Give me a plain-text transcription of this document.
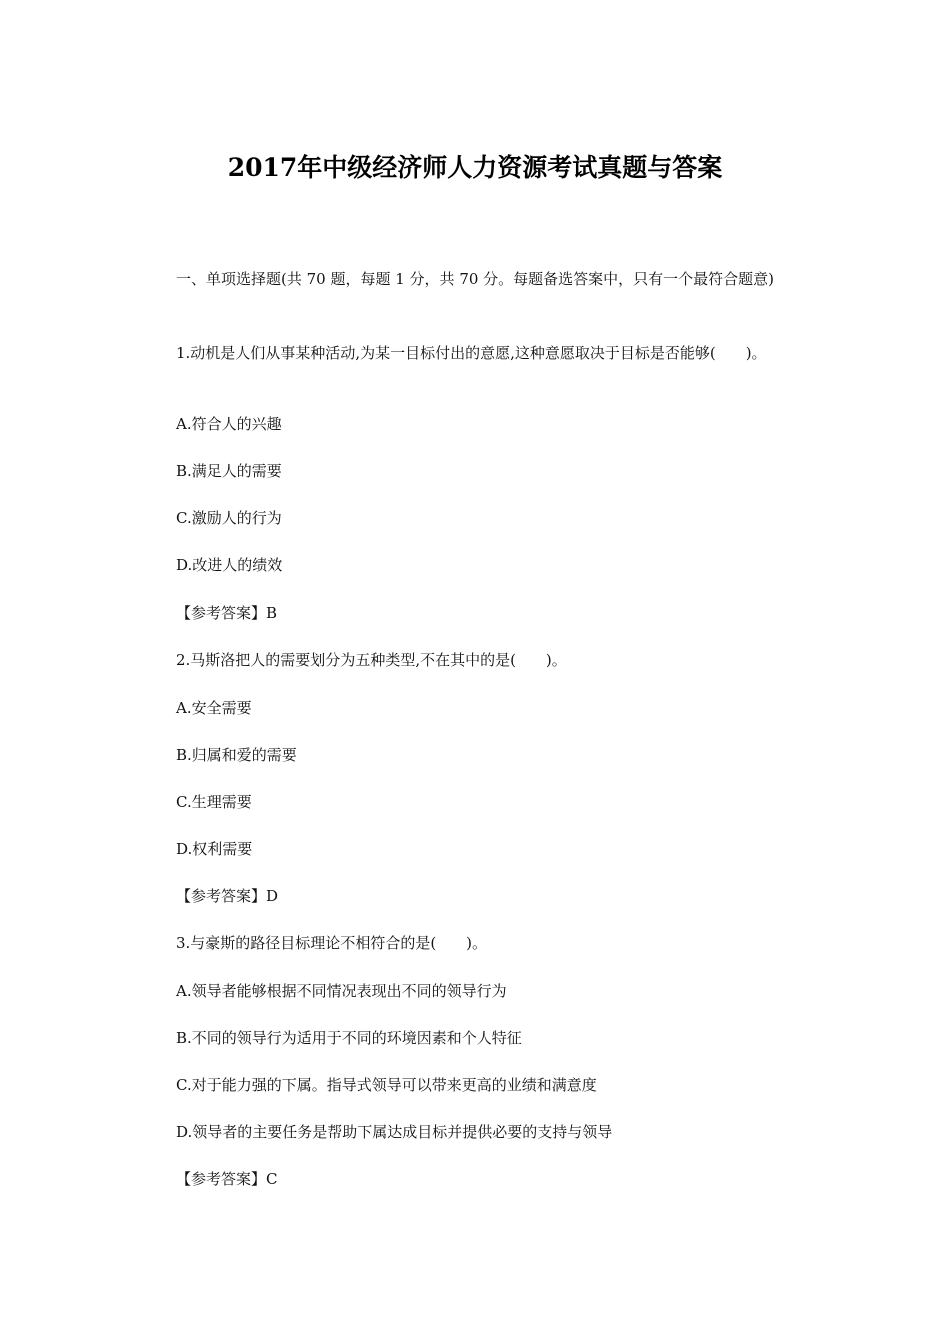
2017年中级经济师人力资源考试真题与答案
一、单项选择题(共 70 题，每题 1 分，共 70 分。每题备选答案中，只有一个最符合题意)
1.动机是人们从事某种活动,为某一目标付出的意愿,这种意愿取决于目标是否能够(　　)。
A.符合人的兴趣
B.满足人的需要
C.激励人的行为
D.改进人的绩效
【参考答案】B
2.马斯洛把人的需要划分为五种类型,不在其中的是(　　)。
A.安全需要
B.归属和爱的需要
C.生理需要
D.权利需要
【参考答案】D
3.与豪斯的路径目标理论不相符合的是(　　)。
A.领导者能够根据不同情况表现出不同的领导行为
B.不同的领导行为适用于不同的环境因素和个人特征
C.对于能力强的下属。指导式领导可以带来更高的业绩和满意度
D.领导者的主要任务是帮助下属达成目标并提供必要的支持与领导
【参考答案】C
